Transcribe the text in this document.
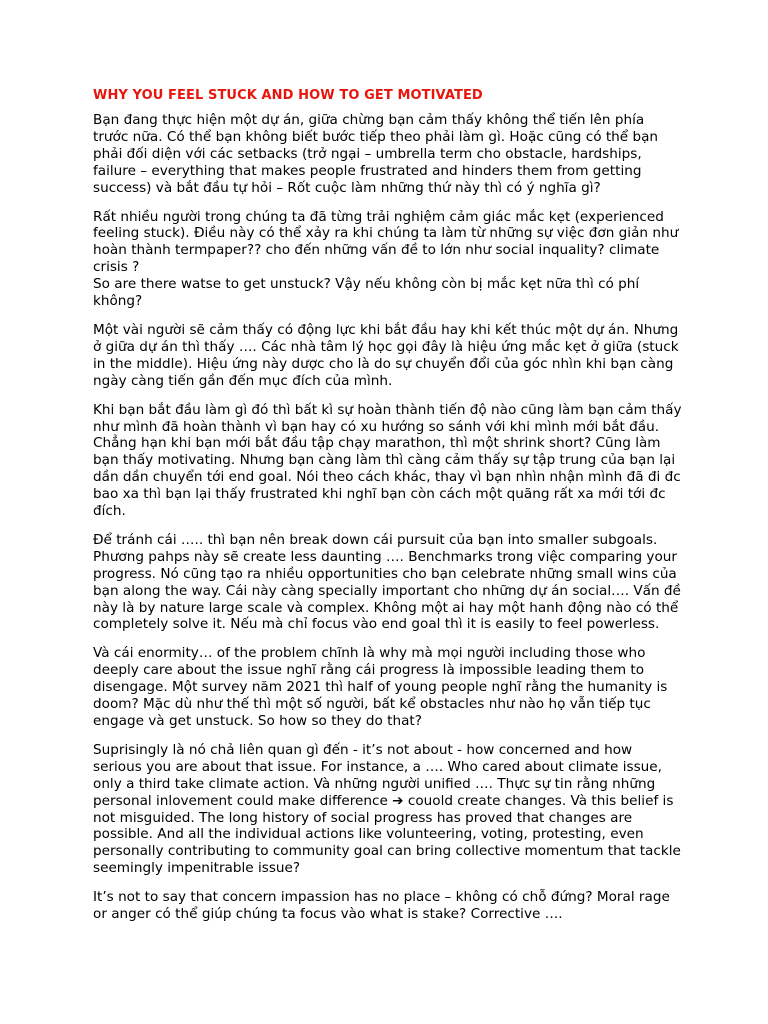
WHY YOU FEEL STUCK AND HOW TO GET MOTIVATED

Bạn đang thực hiện một dự án, giữa chừng bạn cảm thấy không thể tiến lên phía trước nữa. Có thể bạn không biết bước tiếp theo phải làm gì. Hoặc cũng có thể bạn phải đối diện với các setbacks (trở ngại – umbrella term cho obstacle, hardships, failure – everything that makes people frustrated and hinders them from getting success) và bắt đầu tự hỏi – Rốt cuộc làm những thứ này thì có ý nghĩa gì?

Rất nhiều người trong chúng ta đã từng trải nghiệm cảm giác mắc kẹt (experienced feeling stuck). Điều này có thể xảy ra khi chúng ta làm từ những sự việc đơn giản như hoàn thành termpaper?? cho đến những vấn đề to lớn như social inquality? climate crisis ?
So are there watse to get unstuck? Vậy nếu không còn bị mắc kẹt nữa thì có phí không?

Một vài người sẽ cảm thấy có động lực khi bắt đầu hay khi kết thúc một dự án. Nhưng ở giữa dự án thì thấy …. Các nhà tâm lý học gọi đây là hiệu ứng mắc kẹt ở giữa (stuck in the middle). Hiệu ứng này dược cho là do sự chuyển đổi của góc nhìn khi bạn càng ngày càng tiến gần đến mục đích của mình.

Khi bạn bắt đầu làm gì đó thì bất kì sự hoàn thành tiến độ nào cũng làm bạn cảm thấy như mình đã hoàn thành vì bạn hay có xu hướng so sánh với khi mình mới bắt đầu. Chẳng hạn khi bạn mới bắt đầu tập chạy marathon, thì một shrink short? Cũng làm bạn thấy motivating. Nhưng bạn càng làm thì càng cảm thấy sự tập trung của bạn lại dần dần chuyển tới end goal. Nói theo cách khác, thay vì bạn nhìn nhận mình đã đi đc bao xa thì bạn lại thấy frustrated khi nghĩ bạn còn cách một quãng rất xa mới tới đc đích.

Để tránh cái ….. thì bạn nên break down cái pursuit của bạn into smaller subgoals. Phương pahps này sẽ create less daunting …. Benchmarks trong việc comparing your progress. Nó cũng tạo ra nhiều opportunities cho bạn celebrate những small wins của bạn along the way. Cái này càng specially important cho những dự án social…. Vấn đề này là by nature large scale và complex. Không một ai hay một hanh động nào có thể completely solve it. Nếu mà chỉ focus vào end goal thì it is easily to feel powerless.

Và cái enormity… of the problem chĩnh là why mà mọi người including those who deeply care about the issue nghĩ rằng cái progress là impossible leading them to disengage. Một survey năm 2021 thì half of young people nghĩ rằng the humanity is doom? Mặc dù như thế thì một số người, bất kể obstacles như nào họ vẫn tiếp tục engage và get unstuck. So how so they do that?

Suprisingly là nó chả liên quan gì đến - it’s not about - how concerned and how serious you are about that issue. For instance, a …. Who cared about climate issue, only a third take climate action. Và những người unified …. Thực sự tin rằng những personal inlovement could make difference ➔ couold create changes. Và this belief is not misguided. The long history of social progress has proved that changes are possible. And all the individual actions like volunteering, voting, protesting, even personally contributing to community goal can bring collective momentum that tackle seemingly impenitrable issue?

It’s not to say that concern impassion has no place – không có chỗ đứng? Moral rage or anger có thể giúp chúng ta focus vào what is stake? Corrective ….
